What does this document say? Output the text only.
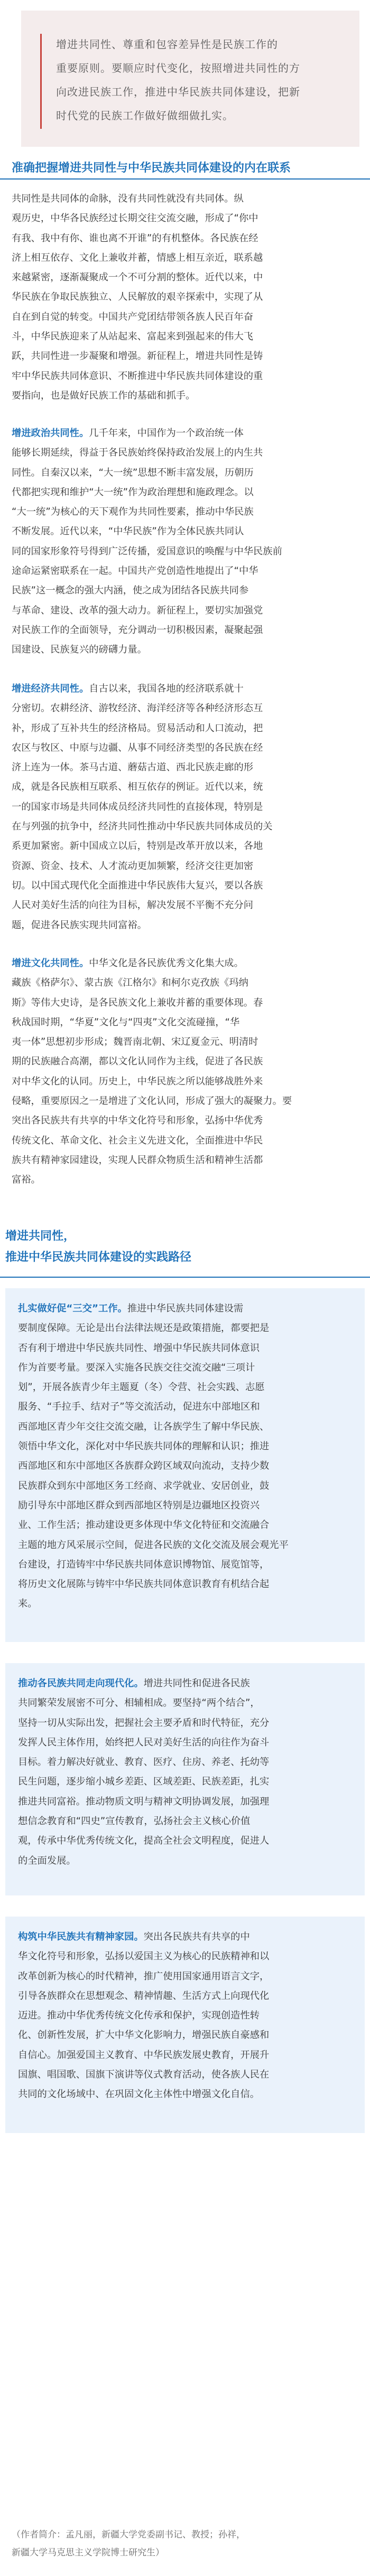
增进共同性、尊重和包容差异性是民族工作的

重要原则。要顺应时代变化，按照增进共同性的方

向改进民族工作，推进中华民族共同体建设，把新

时代党的民族工作做好做细做扎实。

准确把握增进共同性与中华民族共同体建设的内在联系
共同性是共同体的命脉，没有共同性就没有共同体。纵
观历史，中华各民族经过长期交往交流交融，形成了“你中
有我、我中有你、谁也离不开谁”的有机整体。各民族在经
济上相互依存、文化上兼收并蓄，情感上相互亲近，联系越
来越紧密，逐渐凝聚成一个不可分割的整体。近代以来，中
华民族在争取民族独立、人民解放的艰辛探索中，实现了从
自在到自觉的转变。中国共产党团结带领各族人民百年奋
斗，中华民族迎来了从站起来、富起来到强起来的伟大飞
跃，共同性进一步凝聚和增强。新征程上，增进共同性是铸
牢中华民族共同体意识、不断推进中华民族共同体建设的重
要指向，也是做好民族工作的基础和抓手。
增进政治共同性。几千年来，中国作为一个政治统一体
能够长期延续，得益于各民族始终保持政治发展上的内生共
同性。自秦汉以来，“大一统”思想不断丰富发展，历朝历
代都把实现和维护“大一统”作为政治理想和施政理念。以
“大一统”为核心的天下观作为共同性要素，推动中华民族
不断发展。近代以来，“中华民族”作为全体民族共同认
同的国家形象符号得到广泛传播，爱国意识的唤醒与中华民族前
途命运紧密联系在一起。中国共产党创造性地提出了“中华
民族”这一概念的强大内涵，使之成为团结各民族共同参
与革命、建设、改革的强大动力。新征程上，要切实加强党
对民族工作的全面领导，充分调动一切积极因素，凝聚起强
国建设、民族复兴的磅礴力量。
增进经济共同性。自古以来，我国各地的经济联系就十
分密切。农耕经济、游牧经济、海洋经济等各种经济形态互
补，形成了互补共生的经济格局。贸易活动和人口流动，把
农区与牧区、中原与边疆、从事不同经济类型的各民族在经
济上连为一体。茶马古道、蘑菇古道、西北民族走廊的形
成，就是各民族相互联系、相互依存的例证。近代以来，统
一的国家市场是共同体成员经济共同性的直接体现，特别是
在与列强的抗争中，经济共同性推动中华民族共同体成员的关
系更加紧密。新中国成立以后，特别是改革开放以来，各地
资源、资金、技术、人才流动更加频繁，经济交往更加密
切。以中国式现代化全面推进中华民族伟大复兴，要以各族
人民对美好生活的向往为目标，解决发展不平衡不充分问
题，促进各民族实现共同富裕。
增进文化共同性。中华文化是各民族优秀文化集大成。
藏族《格萨尔》、蒙古族《江格尔》和柯尔克孜族《玛纳
斯》等伟大史诗，是各民族文化上兼收并蓄的重要体现。春
秋战国时期，“华夏”文化与“四夷”文化交流碰撞，“华
夷一体”思想初步形成；魏晋南北朝、宋辽夏金元、明清时
期的民族融合高潮，都以文化认同作为主线，促进了各民族
对中华文化的认同。历史上，中华民族之所以能够战胜外来
侵略，重要原因之一是增进了文化认同，形成了强大的凝聚力。要
突出各民族共有共享的中华文化符号和形象，弘扬中华优秀
传统文化、革命文化、社会主义先进文化，全面推进中华民
族共有精神家园建设，实现人民群众物质生活和精神生活都
富裕。
增进共同性，
推进中华民族共同体建设的实践路径
扎实做好促“三交”工作。推进中华民族共同体建设需
要制度保障。无论是出台法律法规还是政策措施，都要把是
否有利于增进中华民族共同性、增强中华民族共同体意识
作为首要考量。要深入实施各民族交往交流交融“三项计
划”，开展各族青少年主题夏（冬）令营、社会实践、志愿
服务、“手拉手、结对子”等交流活动，促进东中部地区和
西部地区青少年交往交流交融，让各族学生了解中华民族、
领悟中华文化，深化对中华民族共同体的理解和认识；推进
西部地区和东中部地区各族群众跨区域双向流动，支持少数
民族群众到东中部地区务工经商、求学就业、安居创业，鼓
励引导东中部地区群众到西部地区特别是边疆地区投资兴
业、工作生活；推动建设更多体现中华文化特征和交流融合
主题的地方风采展示空间，促进各民族的文化交流及展会观光平
台建设，打造铸牢中华民族共同体意识博物馆、展览馆等，
将历史文化展陈与铸牢中华民族共同体意识教育有机结合起
来。
推动各民族共同走向现代化。增进共同性和促进各民族
共同繁荣发展密不可分、相辅相成。要坚持“两个结合”，
坚持一切从实际出发，把握社会主要矛盾和时代特征，充分
发挥人民主体作用，始终把人民对美好生活的向往作为奋斗
目标。着力解决好就业、教育、医疗、住房、养老、托幼等
民生问题，逐步缩小城乡差距、区域差距、民族差距，扎实
推进共同富裕。推动物质文明与精神文明协调发展，加强理
想信念教育和“四史”宣传教育，弘扬社会主义核心价值
观，传承中华优秀传统文化，提高全社会文明程度，促进人
的全面发展。
构筑中华民族共有精神家园。突出各民族共有共享的中
华文化符号和形象，弘扬以爱国主义为核心的民族精神和以
改革创新为核心的时代精神，推广使用国家通用语言文字，
引导各族群众在思想观念、精神情趣、生活方式上向现代化
迈进。推动中华优秀传统文化传承和保护，实现创造性转
化、创新性发展，扩大中华文化影响力，增强民族自豪感和
自信心。加强爱国主义教育、中华民族发展史教育，开展升
国旗、唱国歌、国旗下演讲等仪式教育活动，使各族人民在
共同的文化场域中、在巩固文化主体性中增强文化自信。
（作者简介：孟凡丽，新疆大学党委副书记、教授；孙祥，
新疆大学马克思主义学院博士研究生）
